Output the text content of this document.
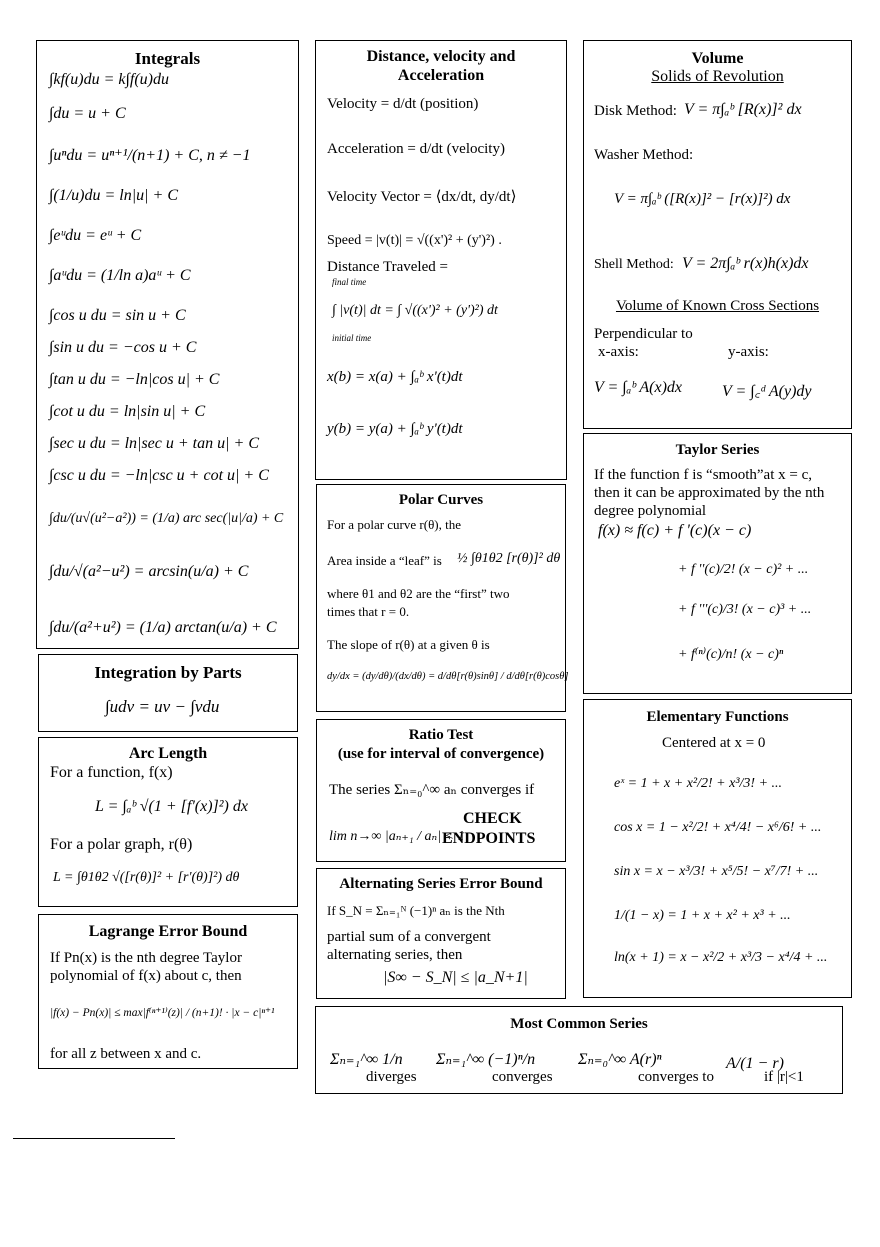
Integrals
∫kf(u)du = k∫f(u)du
∫du = u + C
∫uⁿdu = uⁿ⁺¹/(n+1) + C, n ≠ −1
∫(1/u)du = ln|u| + C
∫eᵘdu = eᵘ + C
∫aᵘdu = (1/ln a)aᵘ + C
∫cos u du = sin u + C
∫sin u du = −cos u + C
∫tan u du = −ln|cos u| + C
∫cot u du = ln|sin u| + C
∫sec u du = ln|sec u + tan u| + C
∫csc u du = −ln|csc u + cot u| + C
∫du/(u√(u²−a²)) = (1/a) arc sec(|u|/a) + C
∫du/√(a²−u²) = arcsin(u/a) + C
∫du/(a²+u²) = (1/a) arctan(u/a) + C
Integration by Parts
∫udv = uv − ∫vdu
Arc Length
For a function, f(x)
L = ∫ₐᵇ √(1 + [f'(x)]²) dx
For a polar graph, r(θ)
L = ∫θ1θ2 √([r(θ)]² + [r'(θ)]²) dθ
Lagrange Error Bound
If Pn(x) is the nth degree Taylor
polynomial of f(x) about c, then
|f(x) − Pn(x)| ≤ max|f⁽ⁿ⁺¹⁾(z)| / (n+1)! · |x − c|ⁿ⁺¹
for all z between x and c.
Distance, velocity and
Acceleration
Velocity = d/dt (position)
Acceleration = d/dt (velocity)
Velocity Vector = ⟨dx/dt, dy/dt⟩
Speed = |v(t)| = √((x')² + (y')²) .
Distance Traveled =
final time
∫ |v(t)| dt = ∫ √((x')² + (y')²) dt
initial time
x(b) = x(a) + ∫ₐᵇ x'(t)dt
y(b) = y(a) + ∫ₐᵇ y'(t)dt
Polar Curves
For a polar curve r(θ), the
Area inside a “leaf” is ½ ∫θ1θ2 [r(θ)]² dθ
where θ1 and θ2 are the “first” two
times that r = 0.
The slope of r(θ) at a given θ is
dy/dx = (dy/dθ)/(dx/dθ) = d/dθ[r(θ)sinθ] / d/dθ[r(θ)cosθ]
Ratio Test
(use for interval of convergence)
The series Σₙ₌₀^∞ aₙ converges if
lim n→∞ |aₙ₊₁ / aₙ| < 1
CHECK
ENDPOINTS
Alternating Series Error Bound
If S_N = Σₙ₌₁ᴺ (−1)ⁿ aₙ is the Nth
partial sum of a convergent
alternating series, then
|S∞ − S_N| ≤ |a_N+1|
Volume
Solids of Revolution
Disk Method: V = π∫ₐᵇ [R(x)]² dx
Washer Method:
V = π∫ₐᵇ ([R(x)]² − [r(x)]²) dx
Shell Method: V = 2π∫ₐᵇ r(x)h(x)dx
Volume of Known Cross Sections
Perpendicular to
x-axis:	y-axis:
V = ∫ₐᵇ A(x)dx	V = ∫꜀ᵈ A(y)dy
Taylor Series
If the function f is “smooth”at x = c,
then it can be approximated by the nth
degree polynomial
f(x) ≈ f(c) + f '(c)(x − c)
+ f ''(c)/2! (x − c)² + ...
+ f '''(c)/3! (x − c)³ + ...
+ f⁽ⁿ⁾(c)/n! (x − c)ⁿ
Elementary Functions
Centered at x = 0
eˣ = 1 + x + x²/2! + x³/3! + ...
cos x = 1 − x²/2! + x⁴/4! − x⁶/6! + ...
sin x = x − x³/3! + x⁵/5! − x⁷/7! + ...
1/(1 − x) = 1 + x + x² + x³ + ...
ln(x + 1) = x − x²/2 + x³/3 − x⁴/4 + ...
Most Common Series
Σₙ₌₁^∞ 1/n
diverges
Σₙ₌₁^∞ (−1)ⁿ/n
converges
Σₙ₌₀^∞ A(r)ⁿ
converges to
A/(1 − r)
if |r|<1
